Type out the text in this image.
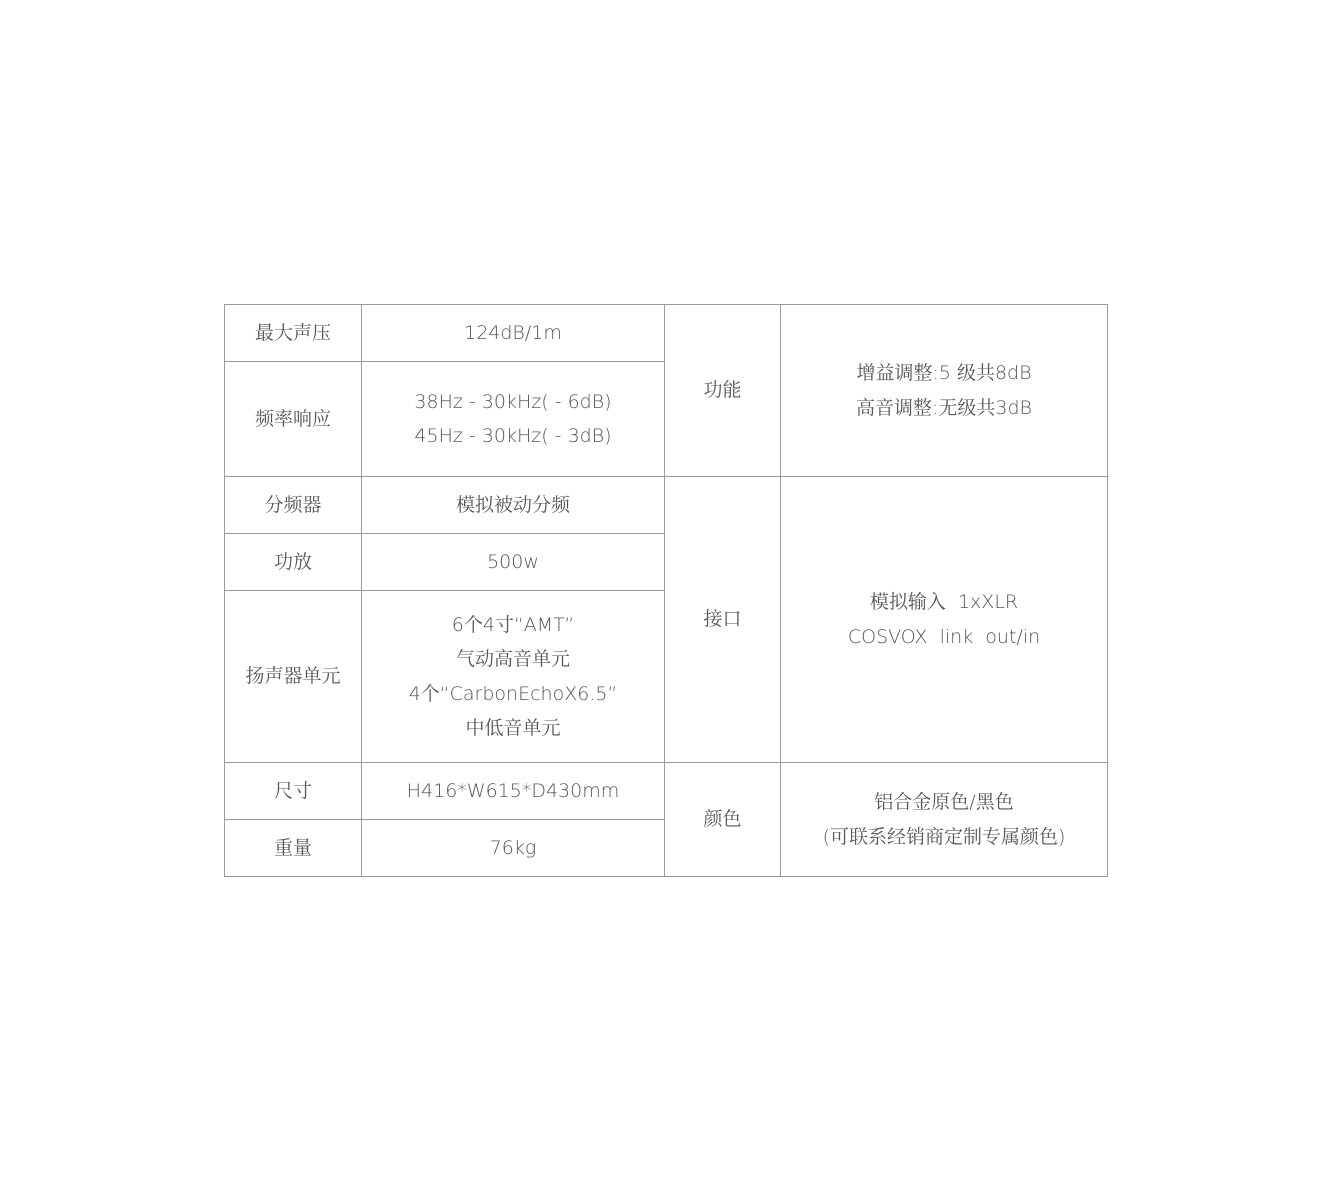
最大声压	124dB/1m	功能	增益调整:5 级共8dB
高音调整:无级共3dB

频率响应	38Hz - 30kHz( - 6dB)
45Hz - 30kHz( - 3dB)		

分频器	模拟被动分频	接口	模拟输入  1xXLR
COSVOX  link  out/in

功放	500w		

扬声器单元	6个4寸“AMT”
气动高音单元
4个“CarbonEchoX6.5”
中低音单元		

尺寸	H416*W615*D430mm	颜色	铝合金原色/黑色
(可联系经销商定制专属颜色)

重量	76kg		
